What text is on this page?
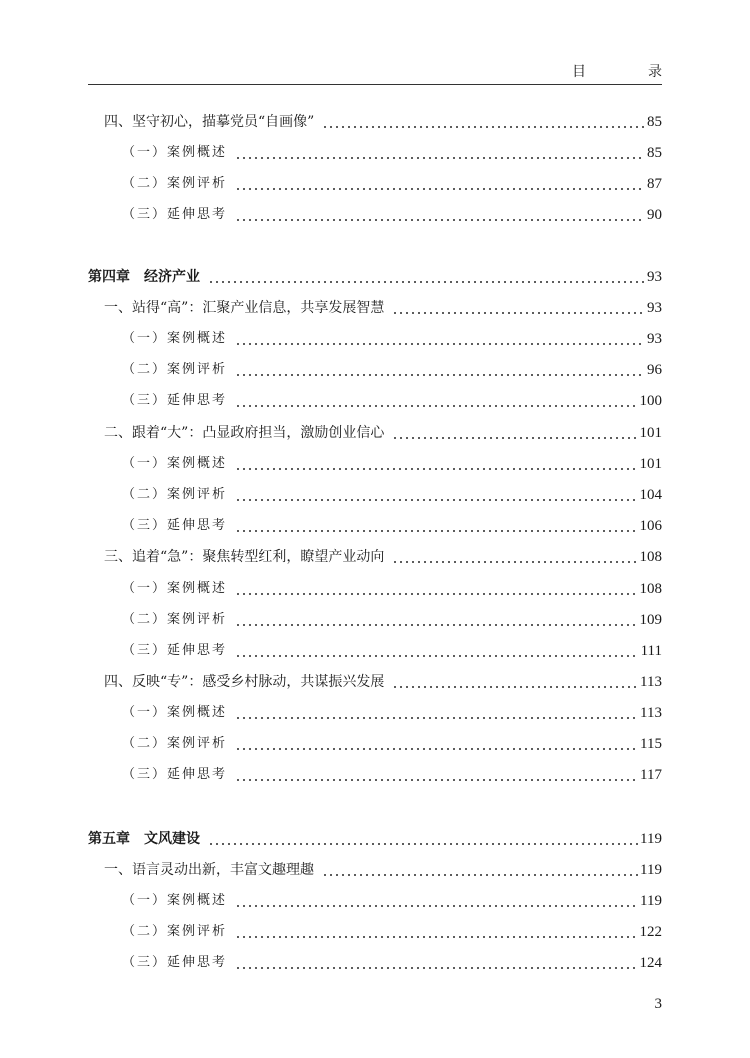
目　录
四、坚守初心，描摹党员“自画像”	85
（一）案例概述	85
（二）案例评析	87
（三）延伸思考	90
第四章　经济产业	93
一、站得“高”：汇聚产业信息，共享发展智慧	93
（一）案例概述	93
（二）案例评析	96
（三）延伸思考	100
二、跟着“大”：凸显政府担当，激励创业信心	101
（一）案例概述	101
（二）案例评析	104
（三）延伸思考	106
三、追着“急”：聚焦转型红利，瞭望产业动向	108
（一）案例概述	108
（二）案例评析	109
（三）延伸思考	111
四、反映“专”：感受乡村脉动，共谋振兴发展	113
（一）案例概述	113
（二）案例评析	115
（三）延伸思考	117
第五章　文风建设	119
一、语言灵动出新，丰富文趣理趣	119
（一）案例概述	119
（二）案例评析	122
（三）延伸思考	124
3
